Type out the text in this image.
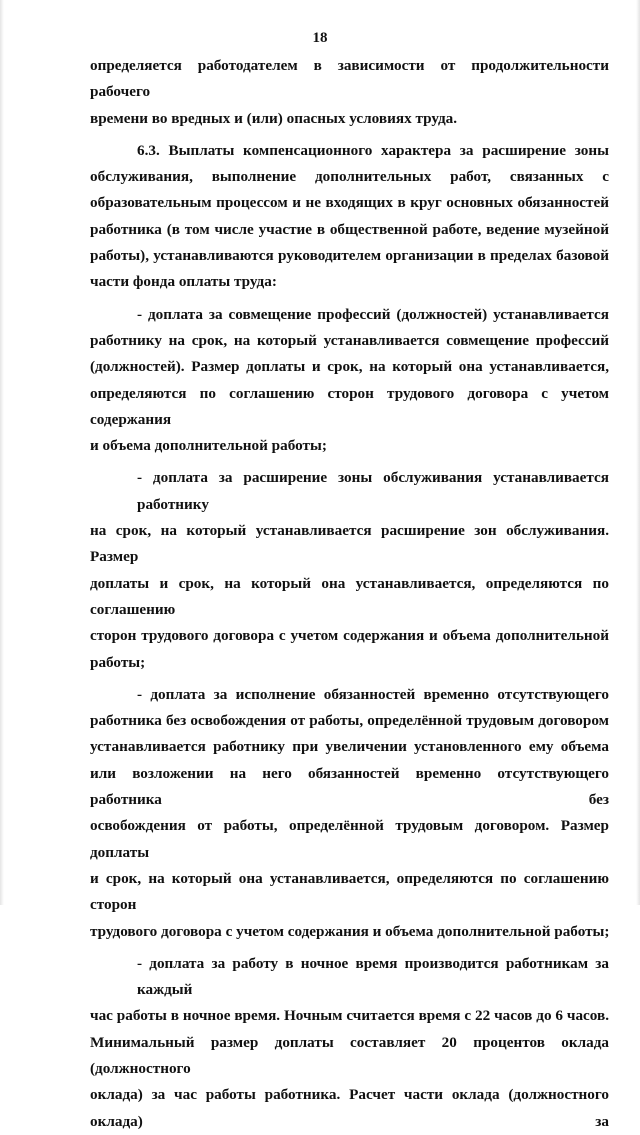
18

определяется работодателем в зависимости от продолжительности рабочего
времени во вредных и (или) опасных условиях труда.

6.3. Выплаты компенсационного характера за расширение зоны
обслуживания, выполнение дополнительных работ, связанных с
образовательным процессом и не входящих в круг основных обязанностей
работника (в том числе участие в общественной работе, ведение музейной
работы), устанавливаются руководителем организации в пределах базовой
части фонда оплаты труда:

- доплата за совмещение профессий (должностей) устанавливается
работнику на срок, на который устанавливается совмещение профессий
(должностей). Размер доплаты и срок, на который она устанавливается,
определяются по соглашению сторон трудового договора с учетом содержания
и объема дополнительной работы;

- доплата за расширение зоны обслуживания устанавливается работнику
на срок, на который устанавливается расширение зон обслуживания. Размер
доплаты и срок, на который она устанавливается, определяются по соглашению
сторон трудового договора с учетом содержания и объема дополнительной
работы;

- доплата за исполнение обязанностей временно отсутствующего
работника без освобождения от работы, определённой трудовым договором
устанавливается работнику при увеличении установленного ему объема
или возложении на него обязанностей временно отсутствующего работника без
освобождения от работы, определённой трудовым договором. Размер доплаты
и срок, на который она устанавливается, определяются по соглашению сторон
трудового договора с учетом содержания и объема дополнительной работы;

- доплата за работу в ночное время производится работникам за каждый
час работы в ночное время. Ночным считается время с 22 часов до 6 часов.
Минимальный размер доплаты составляет 20 процентов оклада (должностного
оклада) за час работы работника. Расчет части оклада (должностного оклада) за
